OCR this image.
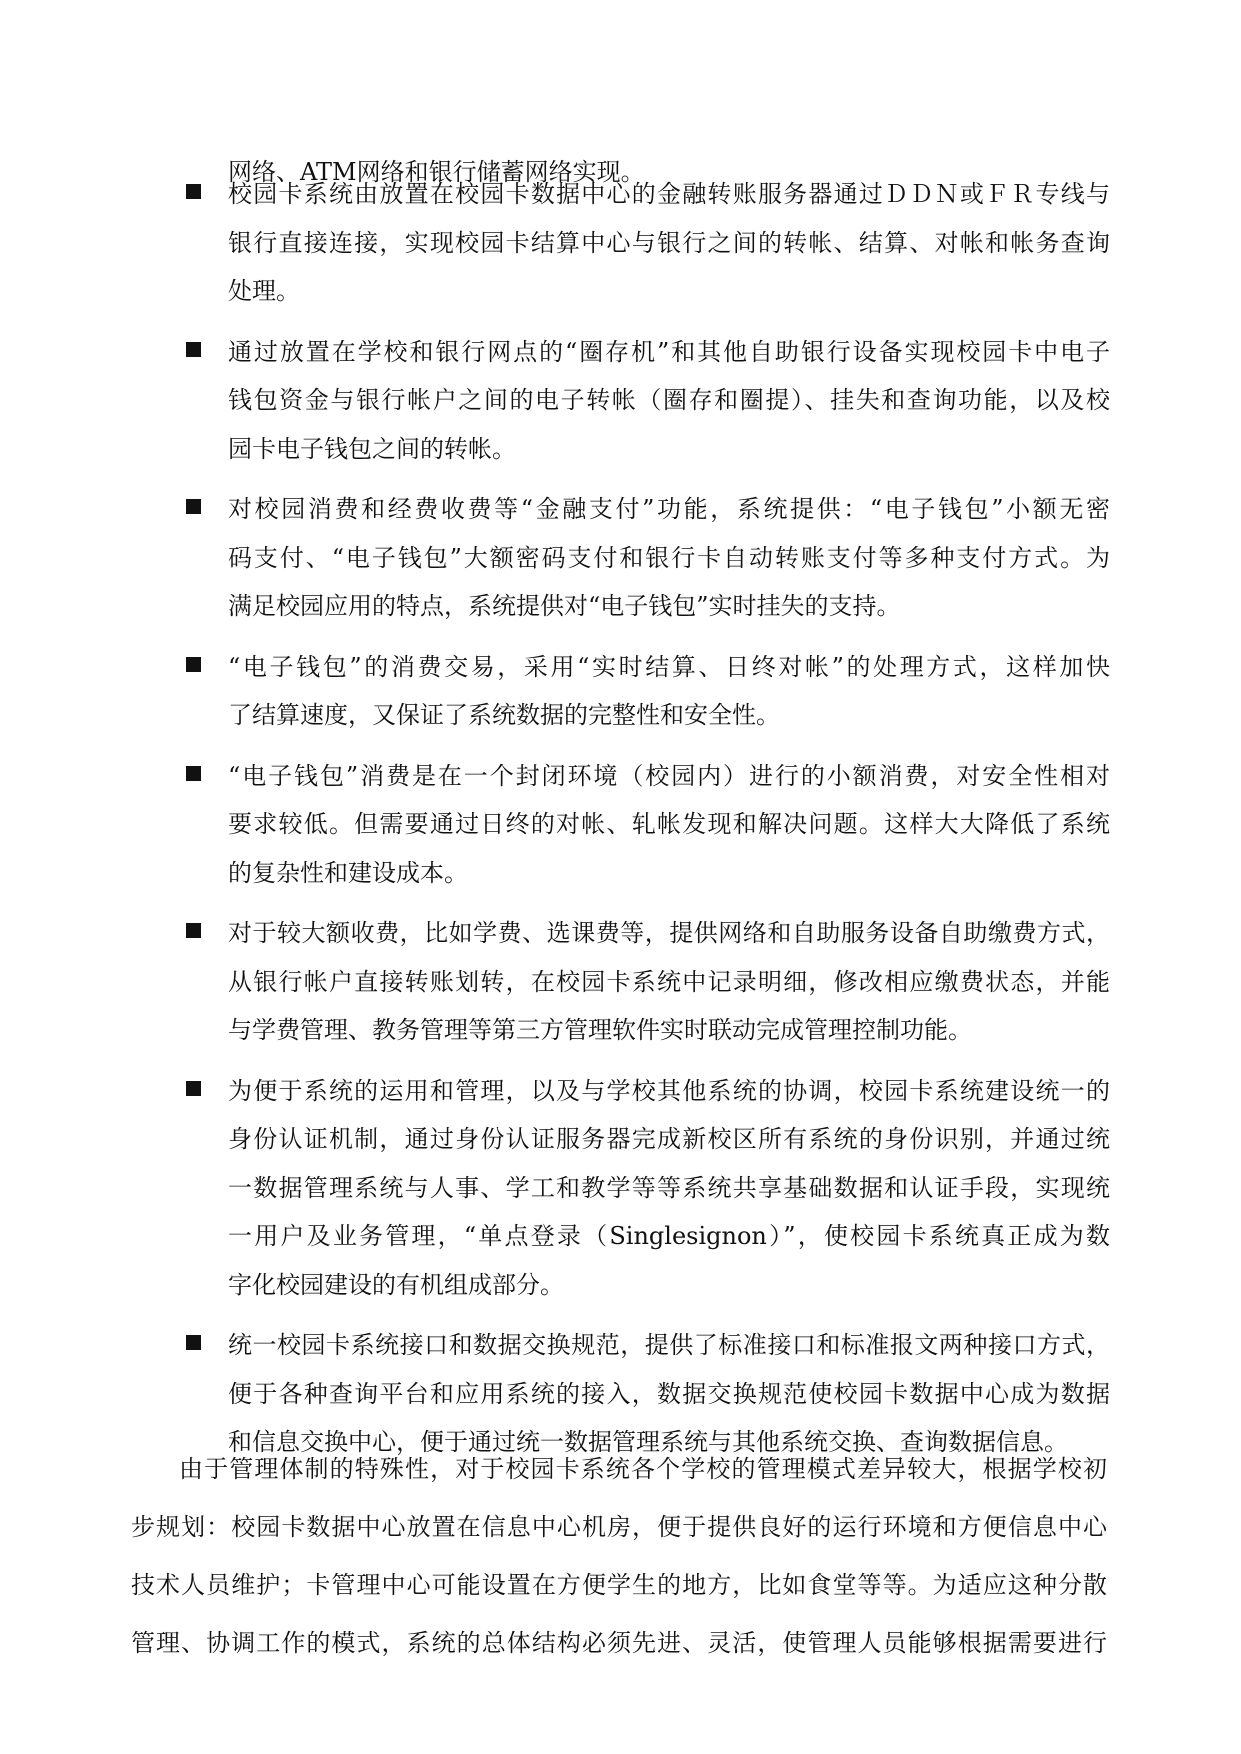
网络、ATM网络和银行储蓄网络实现。

校园卡系统由放置在校园卡数据中心的金融转账服务器通过ＤＤＮ或ＦＲ专线与
银行直接连接，实现校园卡结算中心与银行之间的转帐、结算、对帐和帐务查询
处理。
通过放置在学校和银行网点的“圈存机”和其他自助银行设备实现校园卡中电子
钱包资金与银行帐户之间的电子转帐（圈存和圈提）、挂失和查询功能，以及校
园卡电子钱包之间的转帐。
对校园消费和经费收费等“金融支付”功能，系统提供：“电子钱包”小额无密
码支付、“电子钱包”大额密码支付和银行卡自动转账支付等多种支付方式。为
满足校园应用的特点，系统提供对“电子钱包”实时挂失的支持。
“电子钱包”的消费交易，采用“实时结算、日终对帐”的处理方式，这样加快
了结算速度，又保证了系统数据的完整性和安全性。
“电子钱包”消费是在一个封闭环境（校园内）进行的小额消费，对安全性相对
要求较低。但需要通过日终的对帐、轧帐发现和解决问题。这样大大降低了系统
的复杂性和建设成本。
对于较大额收费，比如学费、选课费等，提供网络和自助服务设备自助缴费方式，
从银行帐户直接转账划转，在校园卡系统中记录明细，修改相应缴费状态，并能
与学费管理、教务管理等第三方管理软件实时联动完成管理控制功能。
为便于系统的运用和管理，以及与学校其他系统的协调，校园卡系统建设统一的
身份认证机制，通过身份认证服务器完成新校区所有系统的身份识别，并通过统
一数据管理系统与人事、学工和教学等等系统共享基础数据和认证手段，实现统
一用户及业务管理，“单点登录（Singlesignon）”，使校园卡系统真正成为数
字化校园建设的有机组成部分。
统一校园卡系统接口和数据交换规范，提供了标准接口和标准报文两种接口方式，
便于各种查询平台和应用系统的接入，数据交换规范使校园卡数据中心成为数据
和信息交换中心，便于通过统一数据管理系统与其他系统交换、查询数据信息。
由于管理体制的特殊性，对于校园卡系统各个学校的管理模式差异较大，根据学校初
步规划：校园卡数据中心放置在信息中心机房，便于提供良好的运行环境和方便信息中心
技术人员维护；卡管理中心可能设置在方便学生的地方，比如食堂等等。为适应这种分散
管理、协调工作的模式，系统的总体结构必须先进、灵活，使管理人员能够根据需要进行
